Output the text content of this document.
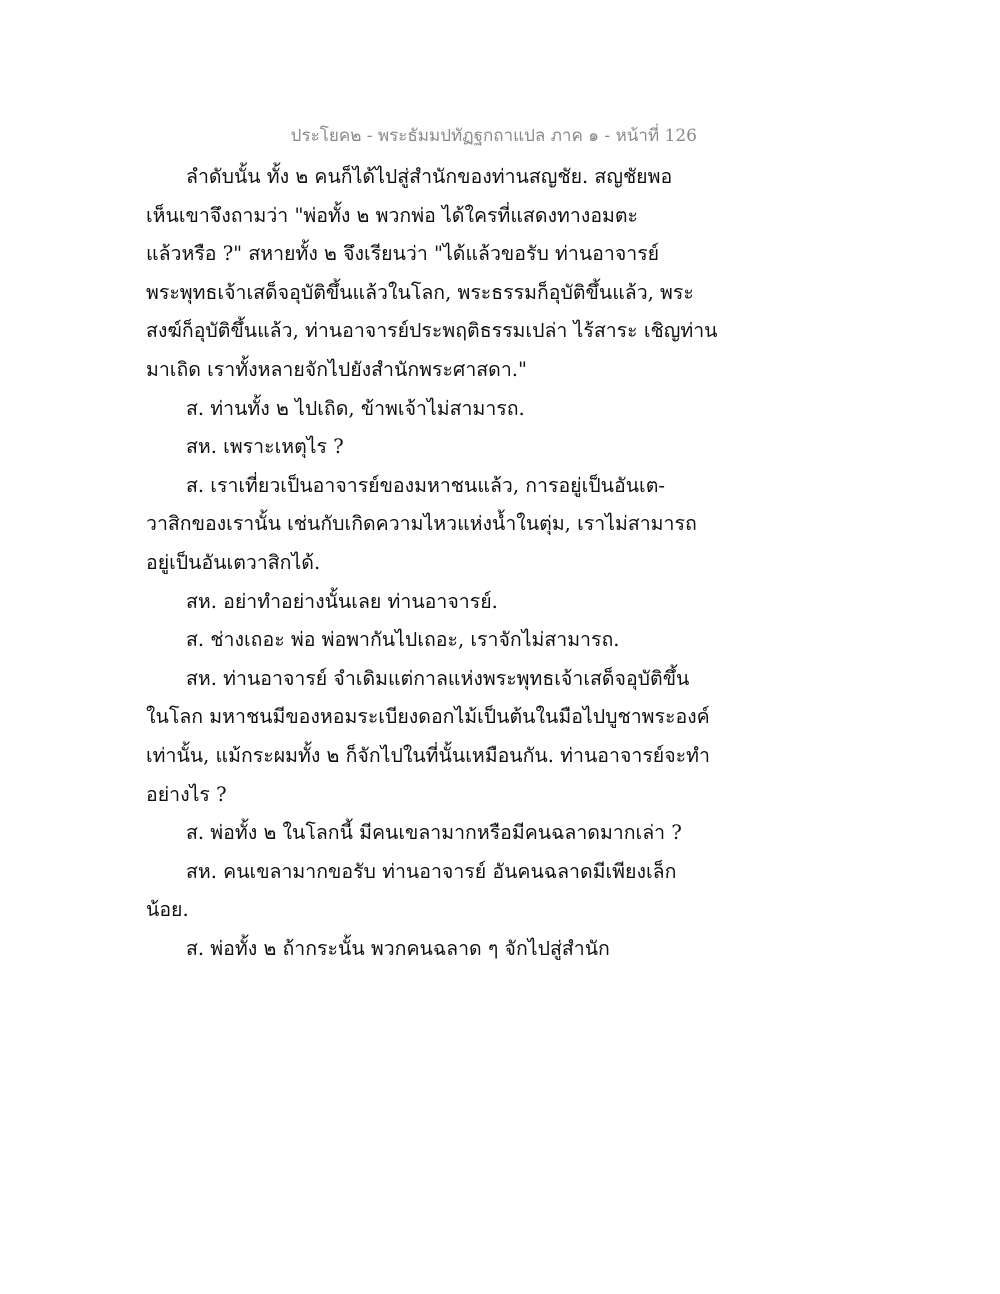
ประโยค๒ - พระธัมมปทัฏฐกถาแปล ภาค ๑ - หน้าที่ 126
ลำดับนั้น ทั้ง ๒ คนก็ได้ไปสู่สำนักของท่านสญชัย. สญชัยพอ
เห็นเขาจึงถามว่า "พ่อทั้ง ๒ พวกพ่อ ได้ใครที่แสดงทางอมตะ
แล้วหรือ ?" สหายทั้ง ๒ จึงเรียนว่า "ได้แล้วขอรับ ท่านอาจารย์
พระพุทธเจ้าเสด็จอุบัติขึ้นแล้วในโลก, พระธรรมก็อุบัติขึ้นแล้ว, พระ
สงฆ์ก็อุบัติขึ้นแล้ว, ท่านอาจารย์ประพฤติธรรมเปล่า ไร้สาระ เชิญท่าน
มาเถิด เราทั้งหลายจักไปยังสำนักพระศาสดา."
ส. ท่านทั้ง ๒ ไปเถิด, ข้าพเจ้าไม่สามารถ.
สห. เพราะเหตุไร ?
ส. เราเที่ยวเป็นอาจารย์ของมหาชนแล้ว, การอยู่เป็นอันเต-
วาสิกของเรานั้น เช่นกับเกิดความไหวแห่งน้ำในตุ่ม, เราไม่สามารถ
อยู่เป็นอันเตวาสิกได้.
สห. อย่าทำอย่างนั้นเลย ท่านอาจารย์.
ส. ช่างเถอะ พ่อ พ่อพากันไปเถอะ, เราจักไม่สามารถ.
สห. ท่านอาจารย์ จำเดิมแต่กาลแห่งพระพุทธเจ้าเสด็จอุบัติขึ้น
ในโลก มหาชนมีของหอมระเบียงดอกไม้เป็นต้นในมือไปบูชาพระองค์
เท่านั้น, แม้กระผมทั้ง ๒ ก็จักไปในที่นั้นเหมือนกัน. ท่านอาจารย์จะทำ
อย่างไร ?
ส. พ่อทั้ง ๒ ในโลกนี้ มีคนเขลามากหรือมีคนฉลาดมากเล่า ?
สห. คนเขลามากขอรับ ท่านอาจารย์ อันคนฉลาดมีเพียงเล็ก
น้อย.
ส. พ่อทั้ง ๒ ถ้ากระนั้น พวกคนฉลาด ๆ จักไปสู่สำนัก
